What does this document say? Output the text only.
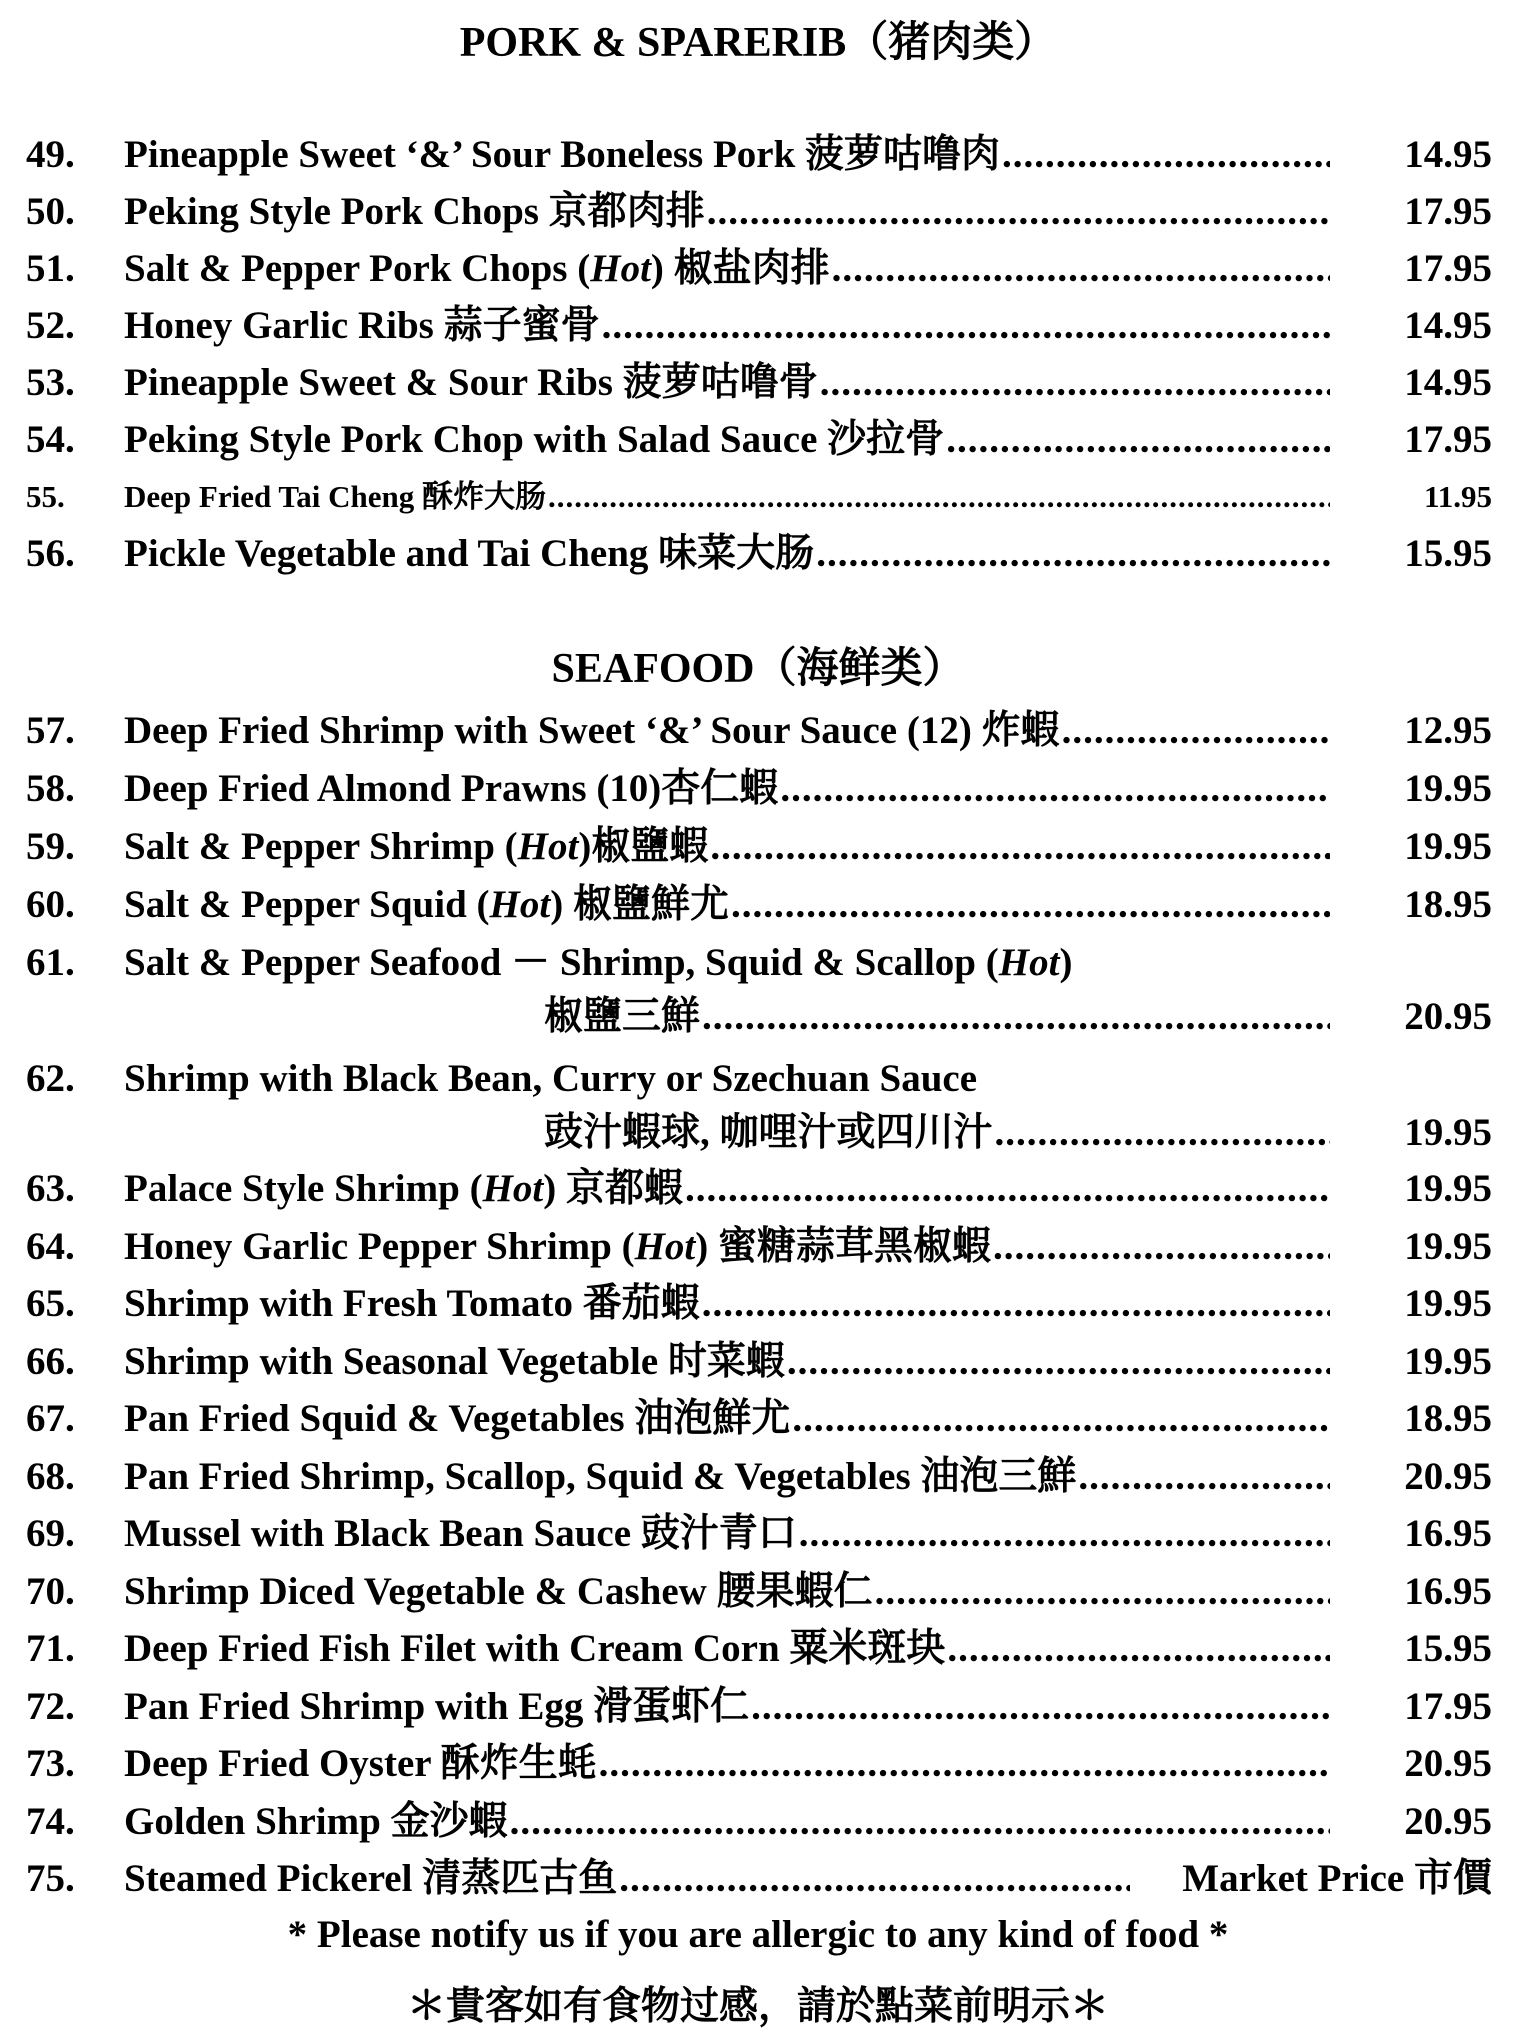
PORK & SPARERIB（猪肉类）
49.	Pineapple Sweet ‘&’ Sour Boneless Pork 菠萝咕噜肉 .....	14.95
50.	Peking Style Pork Chops 京都肉排 .....	17.95
51.	Salt & Pepper Pork Chops (Hot) 椒盐肉排 .....	17.95
52.	Honey Garlic Ribs 蒜子蜜骨 .....	14.95
53.	Pineapple Sweet & Sour Ribs 菠萝咕噜骨 .....	14.95
54.	Peking Style Pork Chop with Salad Sauce 沙拉骨 .....	17.95
55.	Deep Fried Tai Cheng 酥炸大肠 .....	11.95
56.	Pickle Vegetable and Tai Cheng 味菜大肠 .....	15.95
SEAFOOD（海鲜类）
57.	Deep Fried Shrimp with Sweet ‘&’ Sour Sauce (12) 炸蝦 .....	12.95
58.	Deep Fried Almond Prawns (10)杏仁蝦 .....	19.95
59.	Salt & Pepper Shrimp (Hot)椒鹽蝦 .....	19.95
60.	Salt & Pepper Squid (Hot) 椒鹽鮮尤 .....	18.95
61.	Salt & Pepper Seafood － Shrimp, Squid & Scallop (Hot)
椒鹽三鮮 .....	20.95
62.	Shrimp with Black Bean, Curry or Szechuan Sauce
豉汁蝦球, 咖哩汁或四川汁 .....	19.95
63.	Palace Style Shrimp (Hot) 京都蝦 .....	19.95
64.	Honey Garlic Pepper Shrimp (Hot) 蜜糖蒜茸黑椒蝦 .....	19.95
65.	Shrimp with Fresh Tomato 番茄蝦 .....	19.95
66.	Shrimp with Seasonal Vegetable 时菜蝦 .....	19.95
67.	Pan Fried Squid & Vegetables 油泡鮮尤 .....	18.95
68.	Pan Fried Shrimp, Scallop, Squid & Vegetables 油泡三鮮 .....	20.95
69.	Mussel with Black Bean Sauce 豉汁青口 .....	16.95
70.	Shrimp Diced Vegetable & Cashew 腰果蝦仁 .....	16.95
71.	Deep Fried Fish Filet with Cream Corn 粟米斑块 .....	15.95
72.	Pan Fried Shrimp with Egg 滑蛋虾仁 .....	17.95
73.	Deep Fried Oyster 酥炸生蚝 .....	20.95
74.	Golden Shrimp 金沙蝦 .....	20.95
75.	Steamed Pickerel 清蒸匹古鱼 .....	Market Price 市價
* Please notify us if you are allergic to any kind of food *
＊貴客如有食物过感，請於點菜前明示＊
